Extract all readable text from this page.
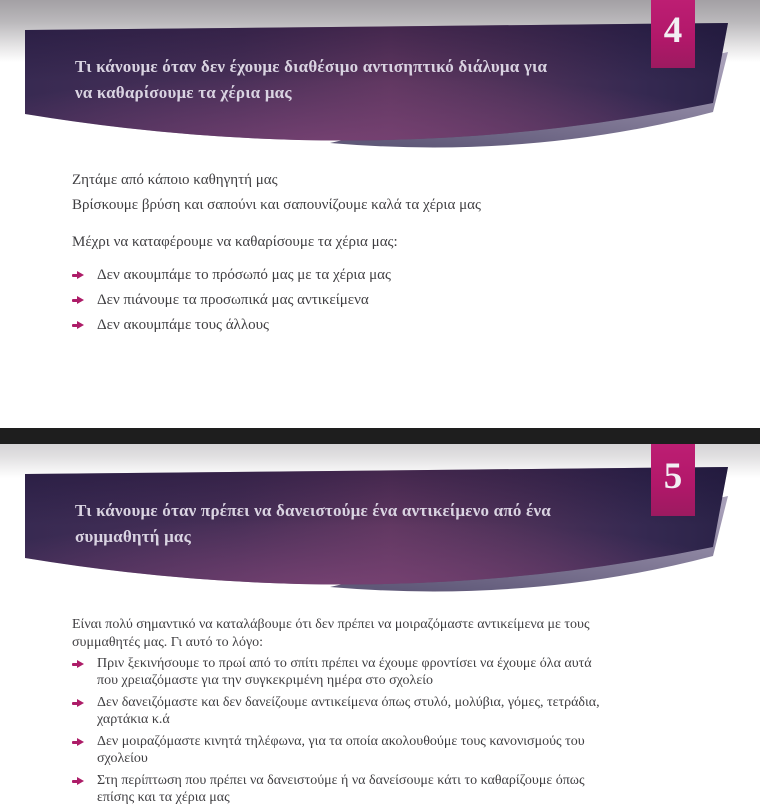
4
Τι κάνουμε όταν δεν έχουμε διαθέσιμο αντισηπτικό διάλυμα για
να καθαρίσουμε τα χέρια μας

Ζητάμε από κάποιο καθηγητή μας

Βρίσκουμε βρύση και σαπούνι και σαπουνίζουμε καλά τα χέρια μας

Μέχρι να καταφέρουμε να καθαρίσουμε τα χέρια μας:

Δεν ακουμπάμε το πρόσωπό μας με τα χέρια μας
Δεν πιάνουμε τα προσωπικά μας αντικείμενα
Δεν ακουμπάμε τους άλλους
5
Τι κάνουμε όταν πρέπει να δανειστούμε ένα αντικείμενο από ένα
συμμαθητή μας
Είναι πολύ σημαντικό να καταλάβουμε ότι δεν πρέπει να μοιραζόμαστε αντικείμενα με τους
συμμαθητές μας. Γι αυτό το λόγο:
Πριν ξεκινήσουμε το πρωί από το σπίτι πρέπει να έχουμε φροντίσει να έχουμε όλα αυτά
που χρειαζόμαστε για την συγκεκριμένη ημέρα στο σχολείο
Δεν δανειζόμαστε και δεν δανείζουμε αντικείμενα όπως στυλό, μολύβια, γόμες, τετράδια,
χαρτάκια κ.ά
Δεν μοιραζόμαστε κινητά τηλέφωνα, για τα οποία ακολουθούμε τους κανονισμούς του
σχολείου
Στη περίπτωση που πρέπει να δανειστούμε ή να δανείσουμε κάτι το καθαρίζουμε όπως
επίσης και τα χέρια μας
